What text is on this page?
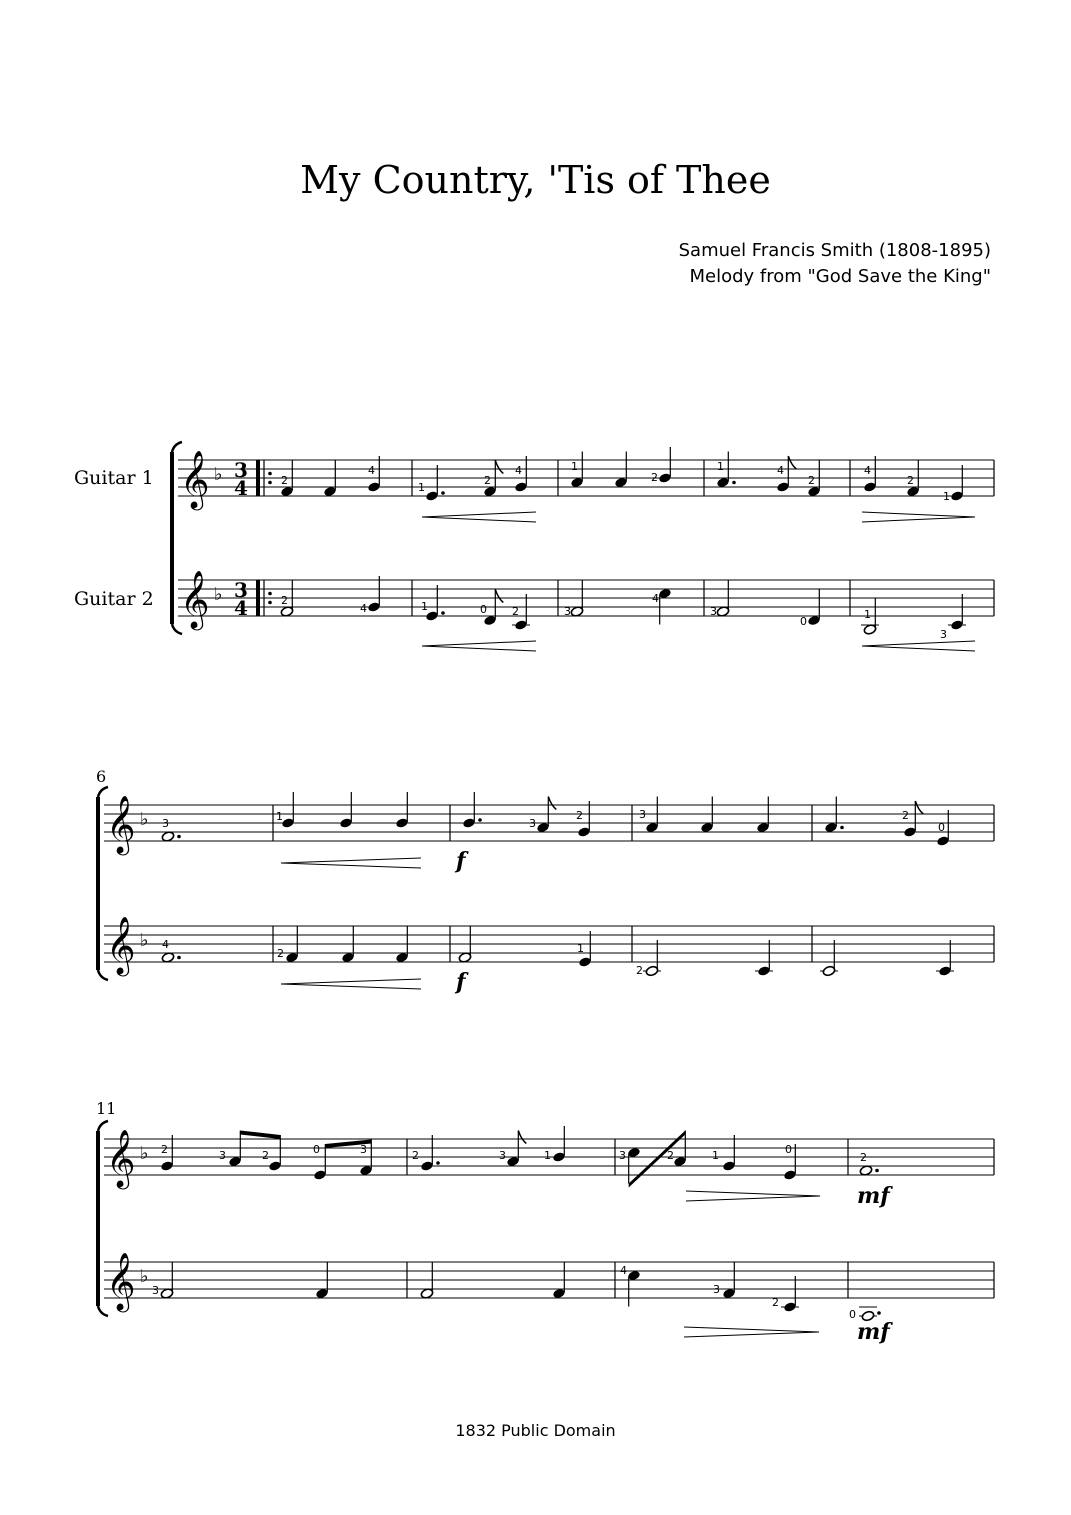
My Country, 'Tis of Thee
Samuel Francis Smith (1808-1895)
Melody from "God Save the King"
Guitar 1
Guitar 2
6
11
𝄞 ♭ 3
4
𝄞 ♭ 3
4
2
4
1
2
4	1
2
1	4
2
4
2
1
2
4	1	0 2	3
4
3
0
1
3
𝄞 ♭
𝄞 ♭
3
1
3
2	3	2
0
f
4
2	1
2
f
𝄞 ♭
𝄞 ♭
2	3	2	0	3	2	3	1	3	2	1	0
2
mf
3
4
3
2
0
mf
1832 Public Domain
